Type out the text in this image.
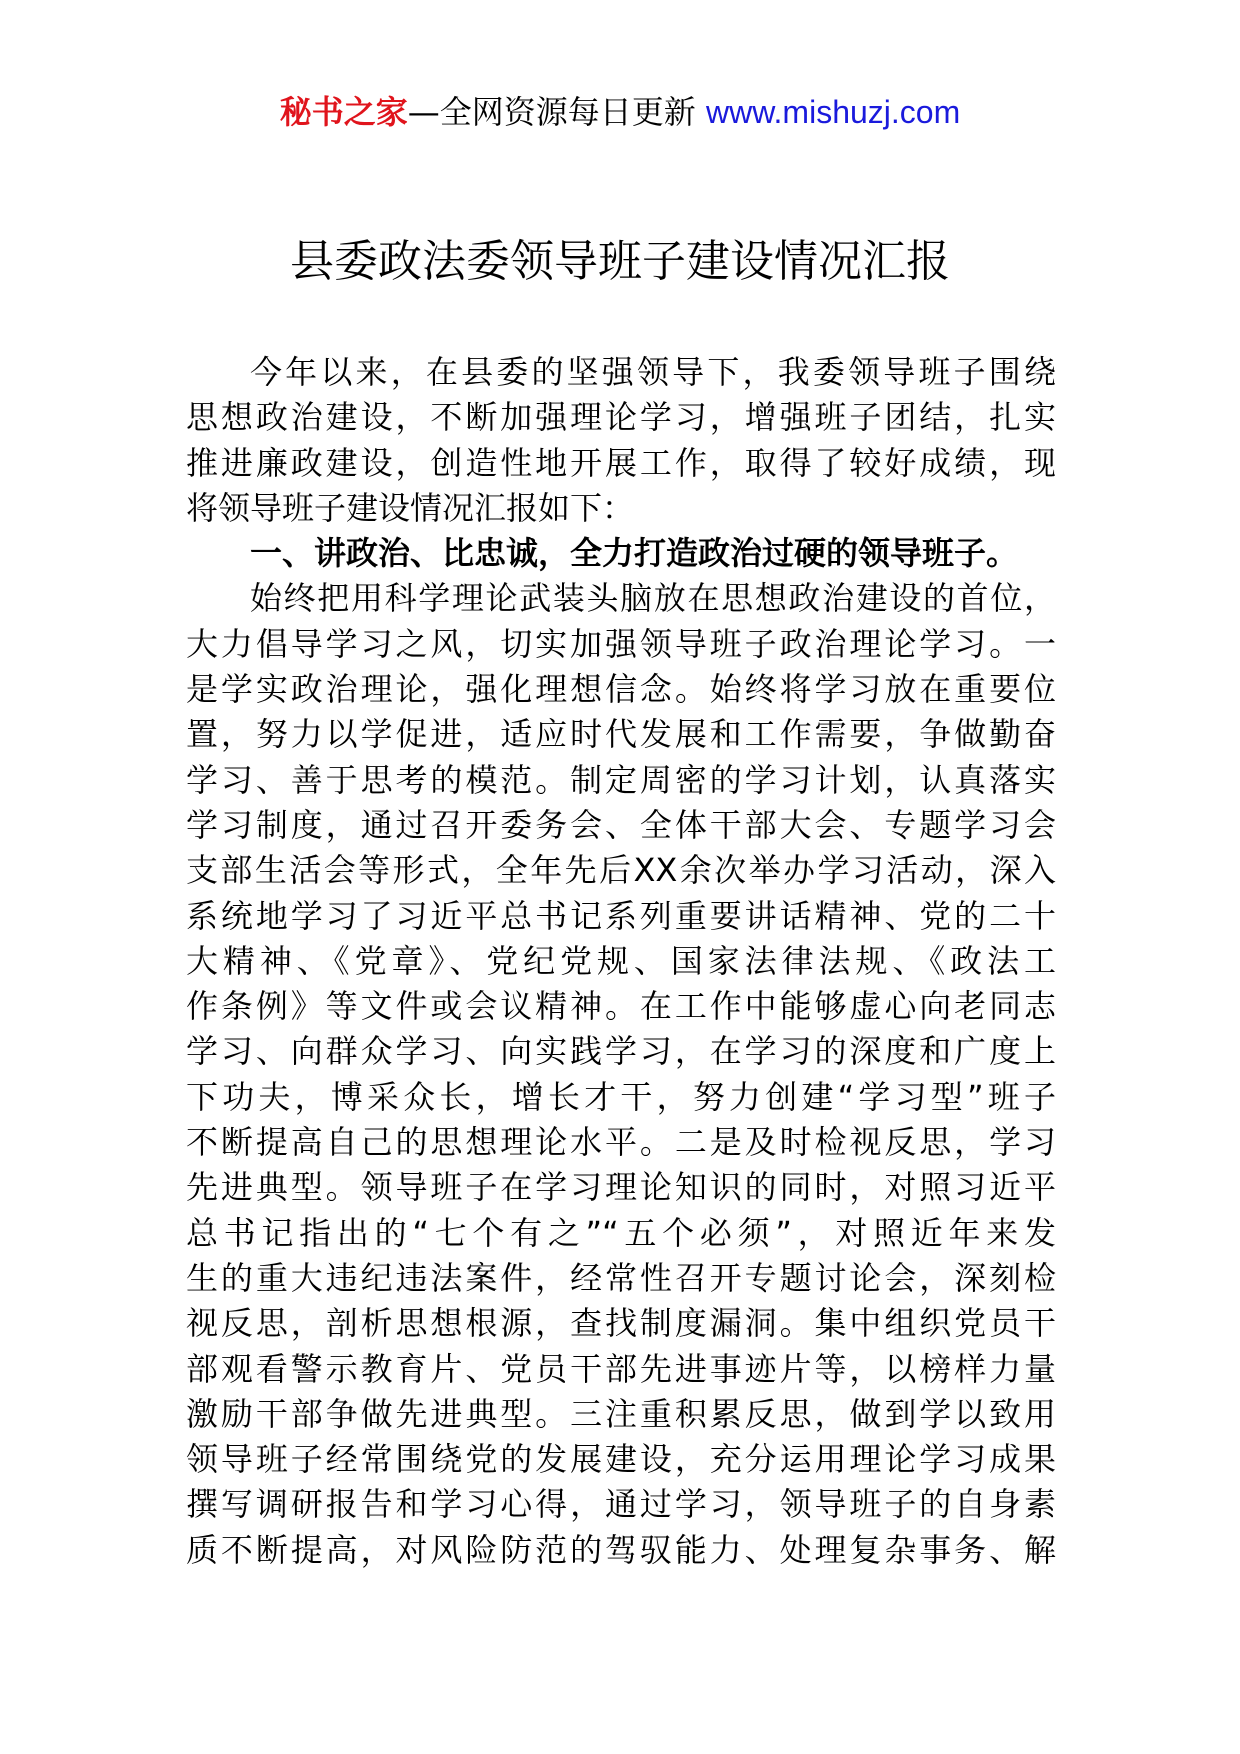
秘书之家—全网资源每日更新 www.mishuzj.com
县委政法委领导班子建设情况汇报
今年以来，在县委的坚强领导下，我委领导班子围绕
思想政治建设，不断加强理论学习，增强班子团结，扎实
推进廉政建设，创造性地开展工作，取得了较好成绩，现
将领导班子建设情况汇报如下：
一、讲政治、比忠诚，全力打造政治过硬的领导班子。
始终把用科学理论武装头脑放在思想政治建设的首位，
大力倡导学习之风，切实加强领导班子政治理论学习。一
是学实政治理论，强化理想信念。始终将学习放在重要位
置，努力以学促进，适应时代发展和工作需要，争做勤奋
学习、善于思考的模范。制定周密的学习计划，认真落实
学习制度，通过召开委务会、全体干部大会、专题学习会
支部生活会等形式，全年先后XX余次举办学习活动，深入
系统地学习了习近平总书记系列重要讲话精神、党的二十
大精神、《党章》、党纪党规、国家法律法规、《政法工
作条例》等文件或会议精神。在工作中能够虚心向老同志
学习、向群众学习、向实践学习，在学习的深度和广度上
下功夫，博采众长，增长才干，努力创建“学习型”班子
不断提高自己的思想理论水平。二是及时检视反思，学习
先进典型。领导班子在学习理论知识的同时，对照习近平
总书记指出的“七个有之”“五个必须”，对照近年来发
生的重大违纪违法案件，经常性召开专题讨论会，深刻检
视反思，剖析思想根源，查找制度漏洞。集中组织党员干
部观看警示教育片、党员干部先进事迹片等，以榜样力量
激励干部争做先进典型。三注重积累反思，做到学以致用
领导班子经常围绕党的发展建设，充分运用理论学习成果
撰写调研报告和学习心得，通过学习，领导班子的自身素
质不断提高，对风险防范的驾驭能力、处理复杂事务、解
